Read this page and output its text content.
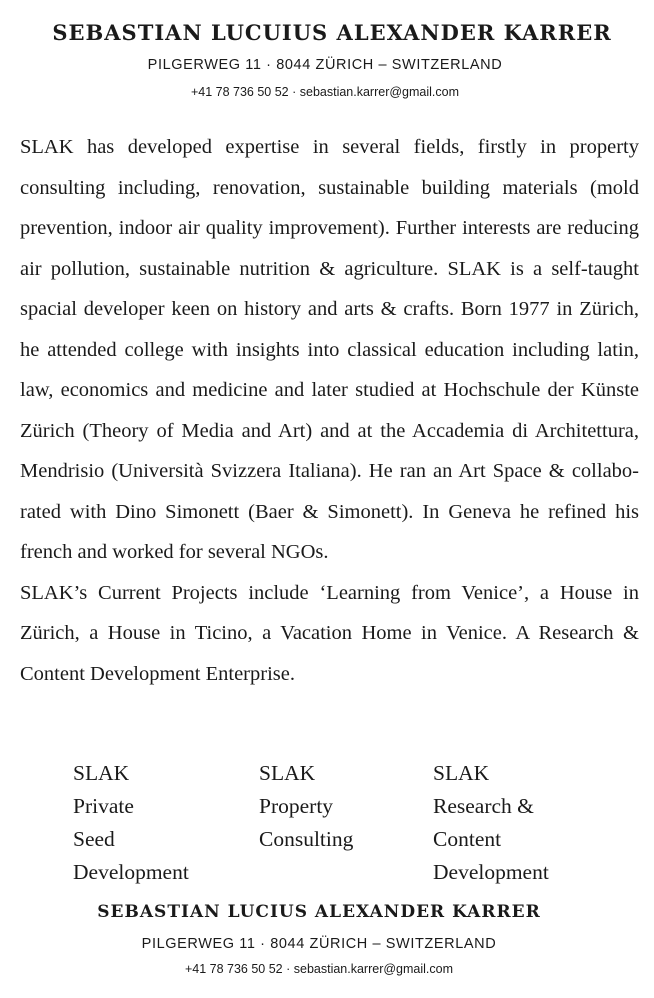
SEBASTIAN LUCUIUS ALEXANDER KARRER
PILGERWEG 11 · 8044 ZÜRICH – SWITZERLAND
+41 78 736 50 52 · sebastian.karrer@gmail.com

SLAK has developed expertise in several fields, firstly in property consulting including, renovation, sustainable building materials (mold prevention, indoor air quality improvement). Further interests are reducing air pollution, sustainable nutrition & agriculture. SLAK is a self-taught spacial developer keen on history and arts & crafts. Born 1977 in Zürich, he attended college with insights into classical education including latin, law, economics and medicine and later studied at Hochschule der Künste Zürich (Theory of Media and Art) and at the Accademia di Architettura, Mendrisio (Università Svizzera Italiana). He ran an Art Space & collaborated with Dino Simonett (Baer & Simonett). In Geneva he refined his french and worked for several NGOs.

SLAK’s Current Projects include ‘Learning from Venice’, a House in Zürich, a House in Ticino, a Vacation Home in Venice. A Research & Content Development Enterprise.

SLAK
Private
Seed
Development
SLAK
Property
Consulting
SLAK
Research &
Content
Development
SEBASTIAN LUCIUS ALEXANDER KARRER
PILGERWEG 11 · 8044 ZÜRICH – SWITZERLAND
+41 78 736 50 52 · sebastian.karrer@gmail.com
